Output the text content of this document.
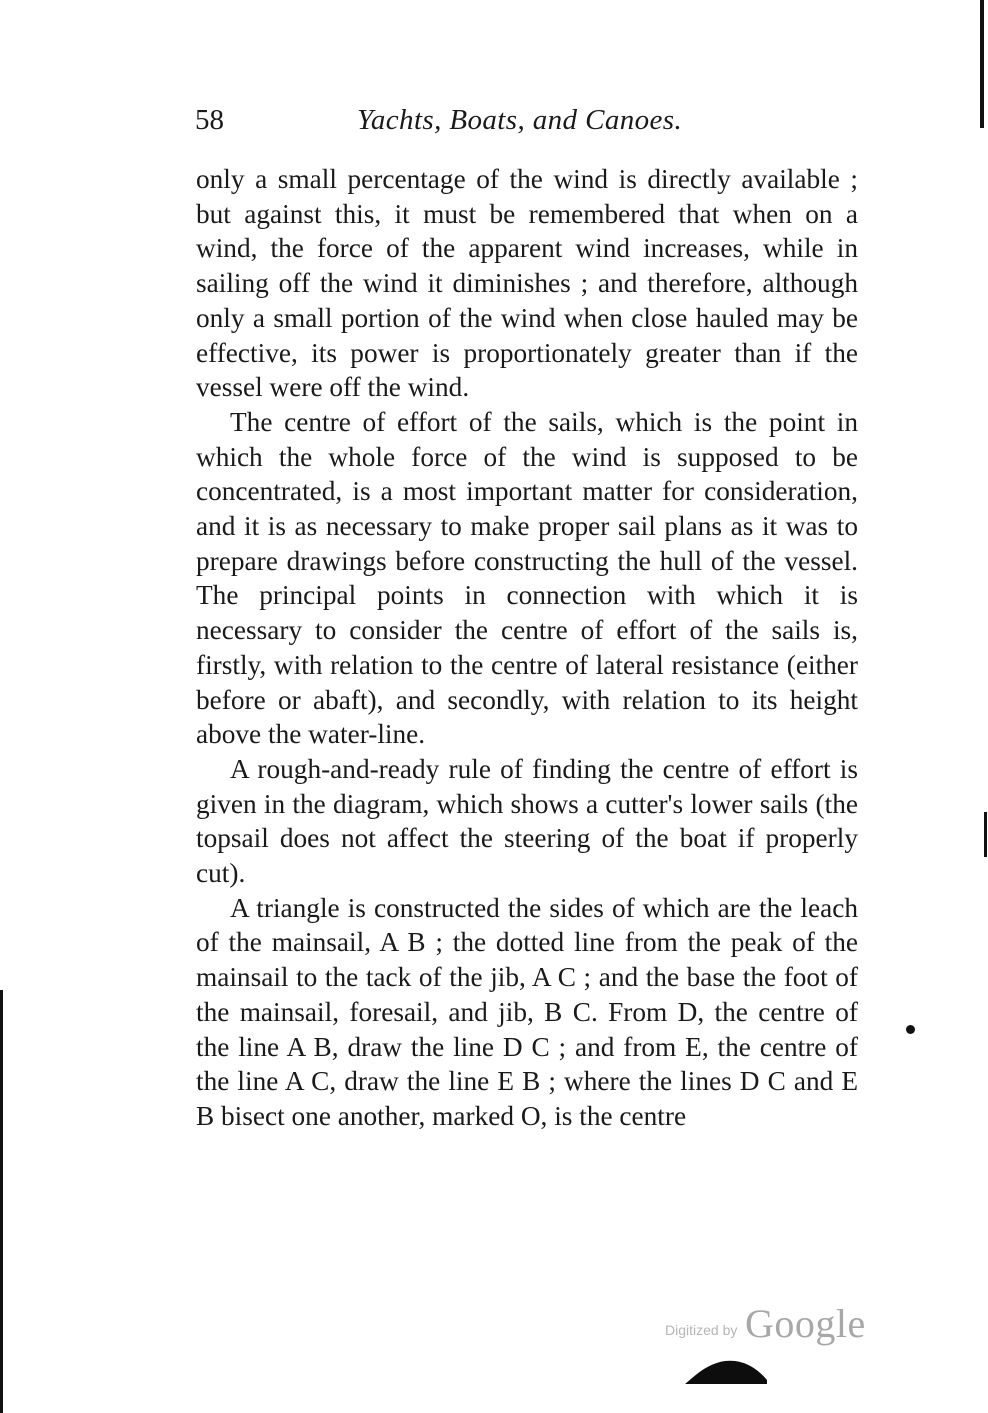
58	Yachts, Boats, and Canoes.

only a small percentage of the wind is directly available ; but against this, it must be remembered that when on a wind, the force of the apparent wind increases, while in sailing off the wind it diminishes ; and therefore, although only a small portion of the wind when close hauled may be effective, its power is proportionately greater than if the vessel were off the wind.

The centre of effort of the sails, which is the point in which the whole force of the wind is supposed to be concentrated, is a most important matter for consideration, and it is as necessary to make proper sail plans as it was to prepare drawings before constructing the hull of the vessel. The principal points in connection with which it is necessary to consider the centre of effort of the sails is, firstly, with relation to the centre of lateral resistance (either before or abaft), and secondly, with relation to its height above the water-line.

A rough-and-ready rule of finding the centre of effort is given in the diagram, which shows a cutter's lower sails (the topsail does not affect the steering of the boat if properly cut).

A triangle is constructed the sides of which are the leach of the mainsail, A B ; the dotted line from the peak of the mainsail to the tack of the jib, A C ; and the base the foot of the mainsail, foresail, and jib, B C. From D, the centre of the line A B, draw the line D C ; and from E, the centre of the line A C, draw the line E B ; where the lines D C and E B bisect one another, marked O, is the centre

Digitized by Google
